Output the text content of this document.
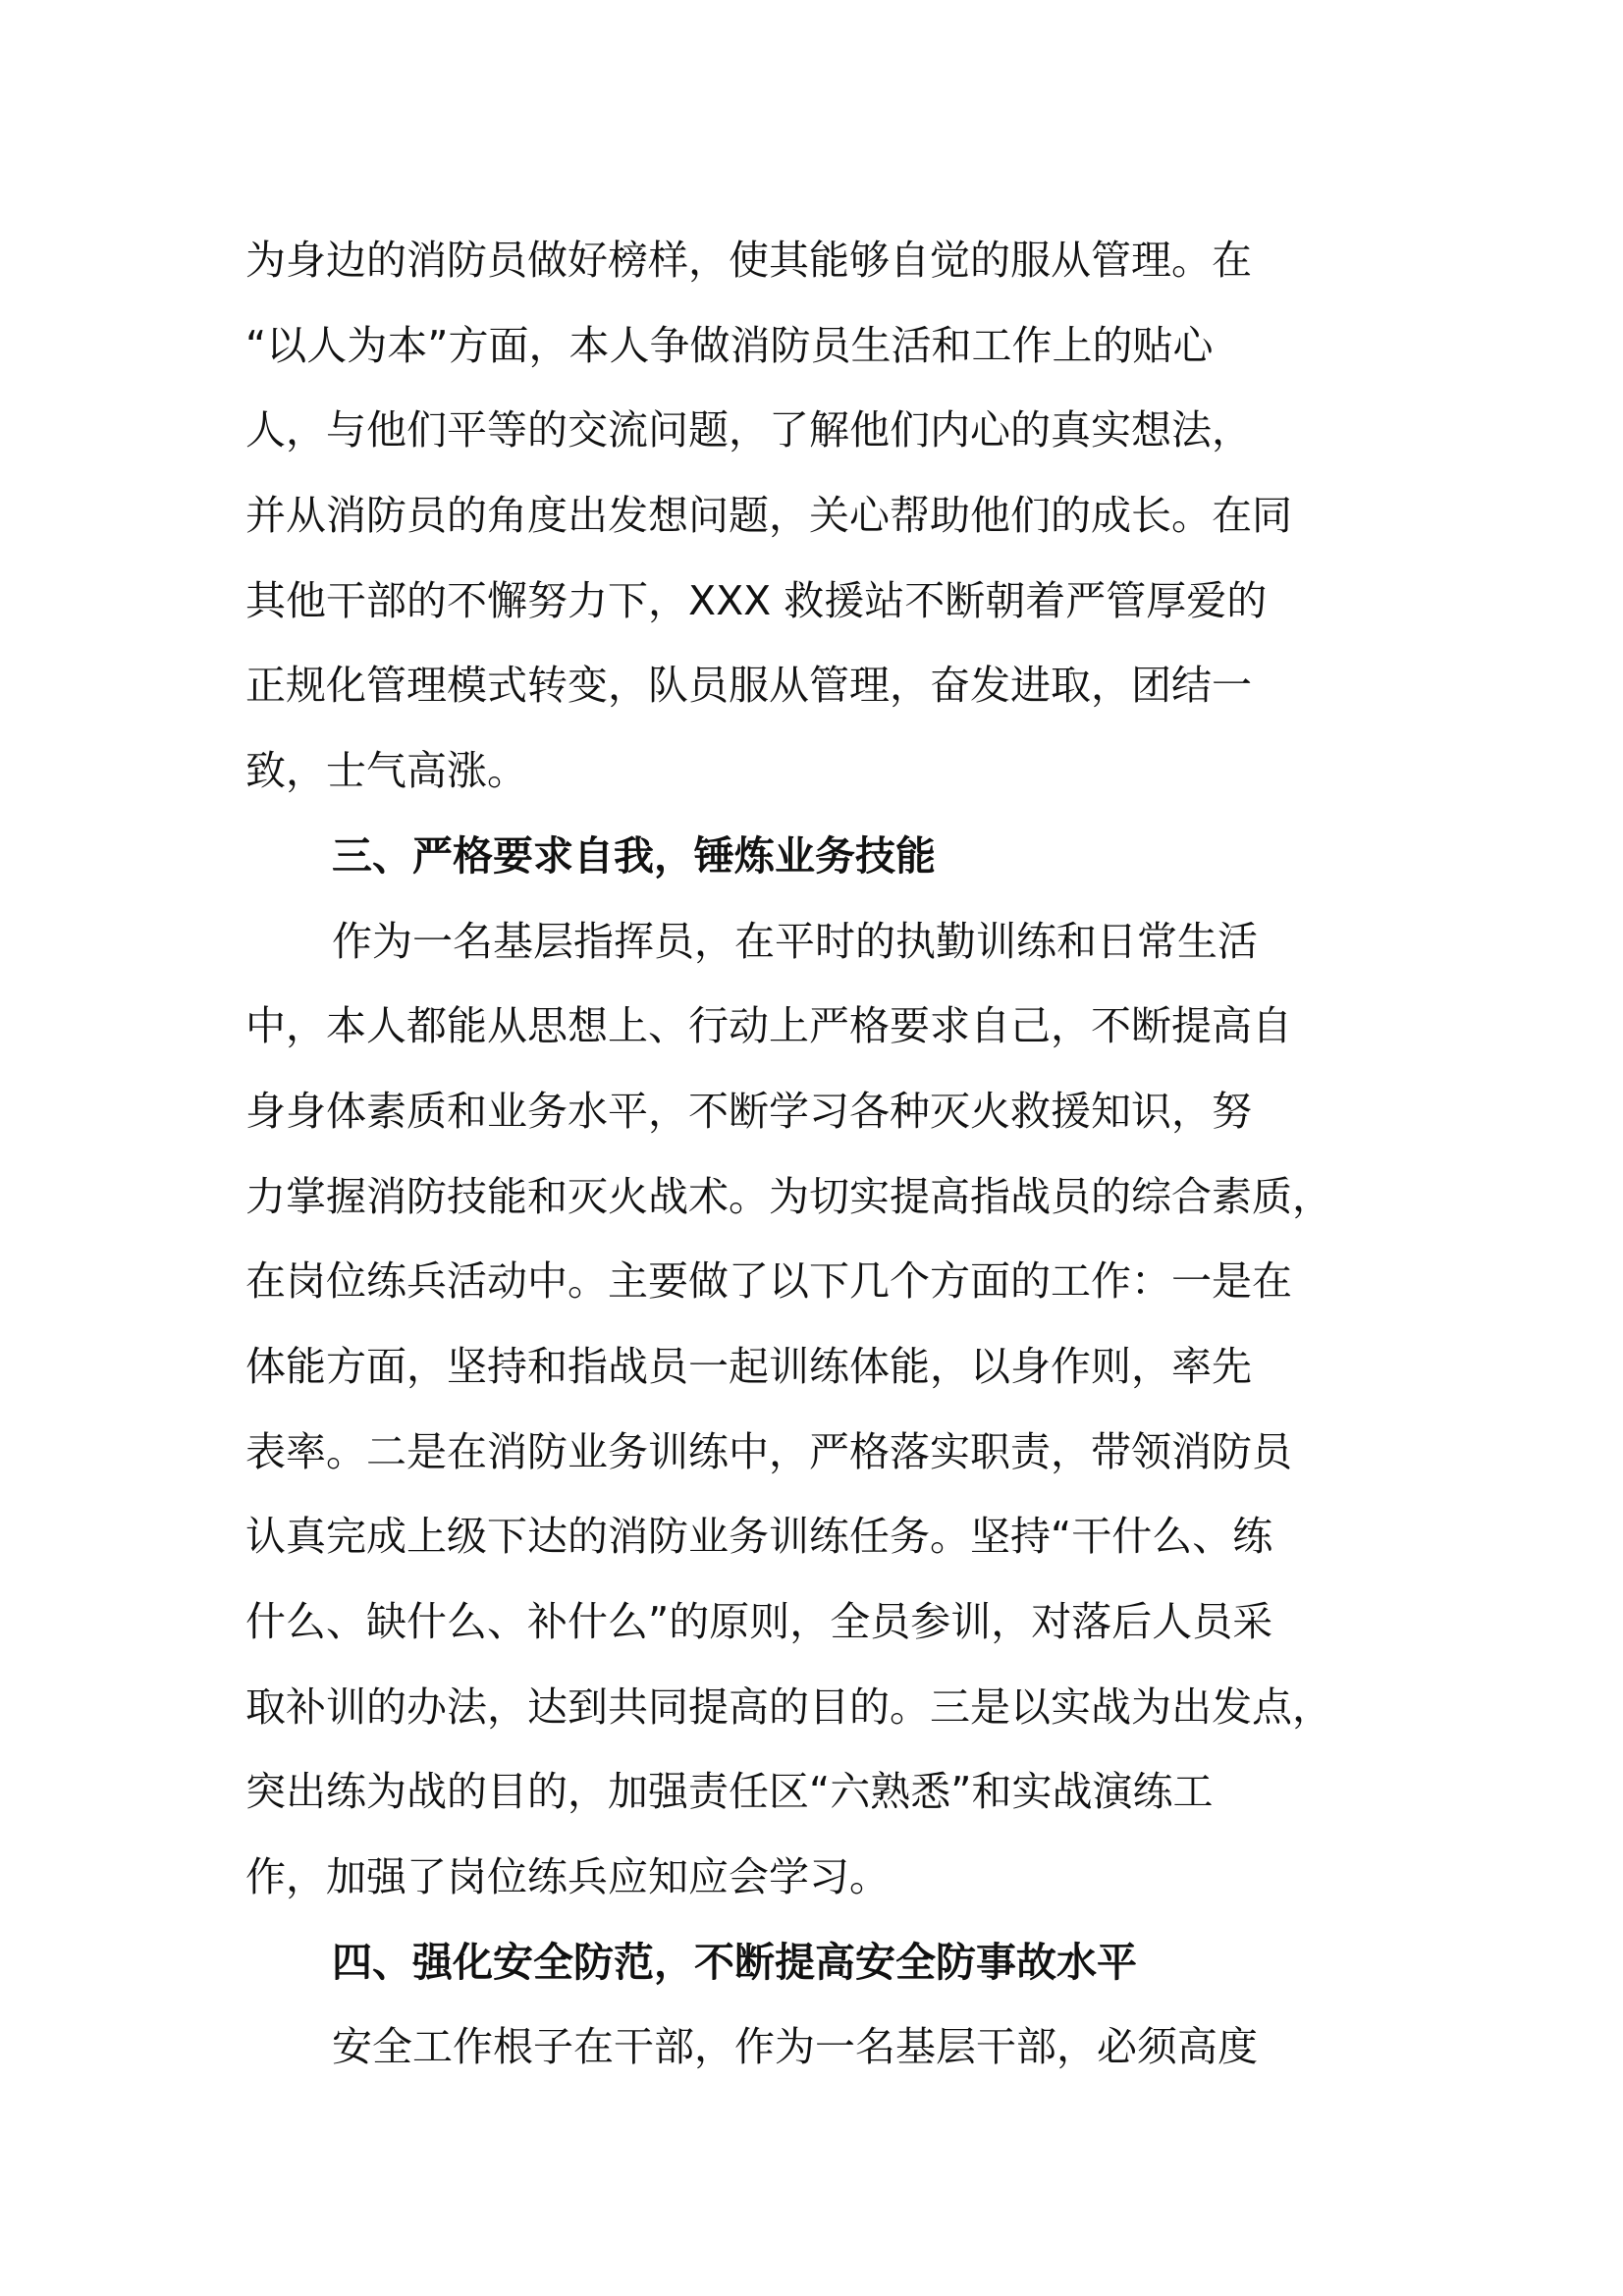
为身边的消防员做好榜样，使其能够自觉的服从管理。在
“以人为本”方面，本人争做消防员生活和工作上的贴心
人，与他们平等的交流问题，了解他们内心的真实想法，
并从消防员的角度出发想问题，关心帮助他们的成长。在同
其他干部的不懈努力下，XXX 救援站不断朝着严管厚爱的
正规化管理模式转变，队员服从管理，奋发进取，团结一
致，士气高涨。
三、严格要求自我，锤炼业务技能
作为一名基层指挥员，在平时的执勤训练和日常生活
中，本人都能从思想上、行动上严格要求自己，不断提高自
身身体素质和业务水平，不断学习各种灭火救援知识，努
力掌握消防技能和灭火战术。为切实提高指战员的综合素质，
在岗位练兵活动中。主要做了以下几个方面的工作：一是在
体能方面，坚持和指战员一起训练体能，以身作则，率先
表率。二是在消防业务训练中，严格落实职责，带领消防员
认真完成上级下达的消防业务训练任务。坚持“干什么、练
什么、缺什么、补什么”的原则，全员参训，对落后人员采
取补训的办法，达到共同提高的目的。三是以实战为出发点，
突出练为战的目的，加强责任区“六熟悉”和实战演练工
作，加强了岗位练兵应知应会学习。
四、强化安全防范，不断提高安全防事故水平
安全工作根子在干部，作为一名基层干部，必须高度
